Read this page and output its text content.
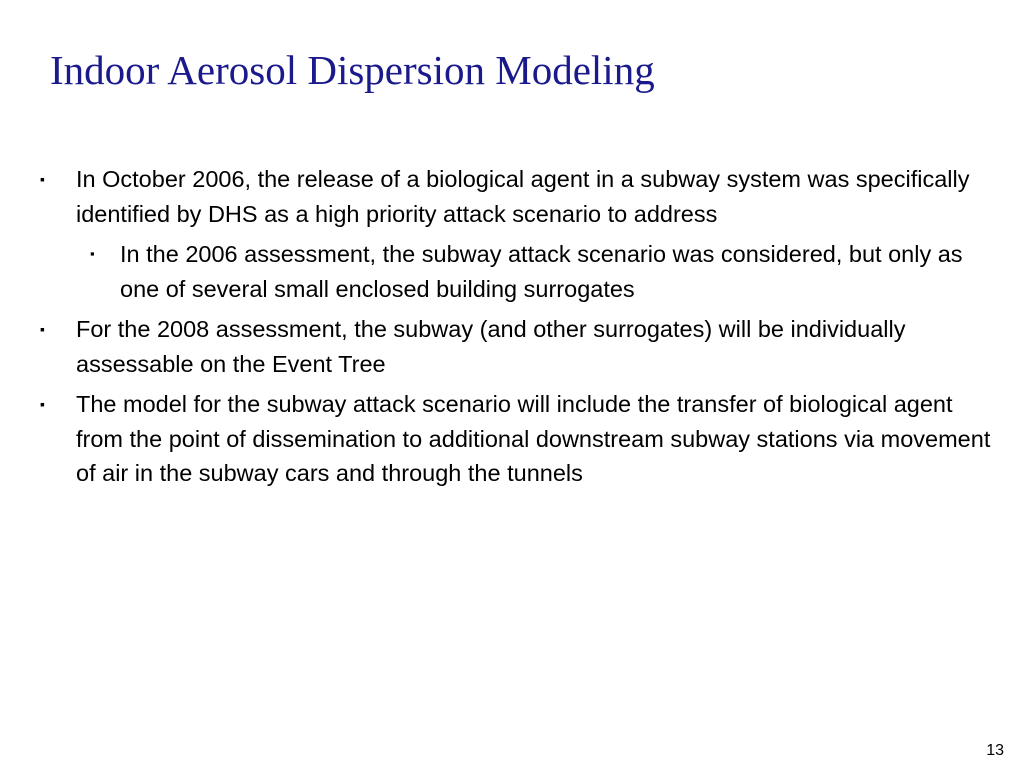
Indoor Aerosol Dispersion Modeling
▪ In October 2006, the release of a biological agent in a subway system was specifically identified by DHS as a high priority attack scenario to address
▪ In the 2006 assessment, the subway attack scenario was considered, but only as one of several small enclosed building surrogates
▪ For the 2008 assessment, the subway (and other surrogates) will be individually assessable on the Event Tree
▪ The model for the subway attack scenario will include the transfer of biological agent from the point of dissemination to additional downstream subway stations via movement of air in the subway cars and through the tunnels
13
